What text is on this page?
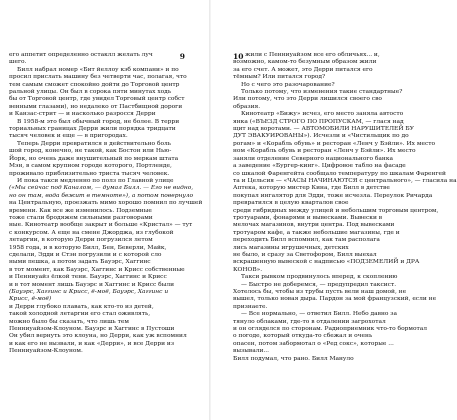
9
его аппетит определенно остаклл желать луч
шего.
Билл набрал номер «Бит йеллоу кэб компани» и по
просил прислать машину без четверти час, полагая, что
тем самым сможет спокойно дойти до Торговой центр
ральной улицы. Он был в сорока пяти минутах ходь
бы от Торговой центр, где увидел Торговый центр собст
венными глазами), но недалеко от Пастбищной дороги
и Канзас-стрит — и насколько разросся Дерри
В 1958-м это был обычный город, не более. В терри
ториальных границах Дерри жили порядка тридцати
тысяч человек и еще — в пригородах.
Теперь Дерри превратился в действительно боль
шой город, конечно, не такой, как Бостон или Нью-
Йорк, но очень даже внушительный по меркам штата
Мэн, в самом крупном городе которого, Портленде,
проживало приблизительно триста тысяч человек.
И пока такси медленно по полз по Главной улице
(«Мы сейчас под Каналом, — думал Билл. — Его не видно,
но он там, вода бежит в темноте»), а потом повернуло
на Центральную, проезжать мимо хорошо помнил по лучшей
времени. Как все же изменилось. Подземные
тоже стали бродяжем сильными разговорами
ные. Кинотеатр вообще закрыт и больше «Кристал» — тут
с конкурсом. А еще на смене Джорджа, из глубокой
летаргии, в которую Дерри погрузился летом
1958 года, и в которую Билл, Бен, Беверли, Майк,
сделали, Эдди и Стэн погрузили и с которой сло
ными пешка, а потом задать Бауэрс, Хаггинс
в тот момент, как Бауэрс, Хаггинс и Крисс собственные
и Пенниуайз ёлкой тени. Бауэрс, Хаггинс и Крисс
и в тот момент лишь Бауэрс и Хаггинс и Крисс были
(Бауэрс, Хаггинс и Крисс, ё-моё, Бауэрс, Хаггинс и
Крисс, ё-моё)
и Дерри глубоко плавать, как кто-то из детей,
такой холодной летаргии его стал оживлять,
можно было бы сказать, что лишь тем
Пенниуайзом-Клоуном. Бауэрс и Хаггинс в Пустоши
Он убил вернуть это клоуна, но Дерри, как уж вспомнил
и как его не вызвали, и как «Дерри», и все Дерри из
Пенниуайзом-Клоуном.
10 жили с Пенниуайзом все его обличьях... и,
возможно, камом-то безумным образом жили
за его счет. А может, это Дерри питался его
тёмным? Или питался город?
Но с чего это разочарование?
Только потому, что изменения такие стандартные?
Или потому, что это Дерри лишился своего сво
образия.
Кинотеатр «Бижу» исчез, его место заняла автосто
янка («ВЪЕЗД СТРОГО ПО ПРОПУСКАМ, — глася над
щит над воротами. — АВТОМОБИЛИ НАРУШИТЕЛЕЙ БУ
ДУТ ЭВАКУИРОВАНЫ»). Исчезли и «Чистильщик по до
рогам» и «Корабль обувь» и ресторан «Ленч у Бэйли». Их место
ном «Корабль обувь и ресторан «Ленч у Бэйли». Их место
заняли отделение Северного национального банка
а заведение «Бургер-кинг». Цифровое табло на фасаде
со шкалой Фаренгейта сообщало температуру по шкалам Фаренгей
та и Цельсия — «ЧАСЫ НАЧИНАЮТСЯ с центрального», — гласила на
Аптека, которую мистер Кина, где Билл в детстве
покупал ингалятор для Эдди, тоже исчезла. Переулок Ричарда
превратился в целую кварталов свое
среди гибридных между улицей и небольшим торговым центром,
тротуарами, фонарями и вывесками. Вывески в
мелочах магазинов, внутри центра. Под вывесками
тротуаром кафе, а также небольшие магазины, где и
переходить Билл вспомнил, как там располага
лись магазины игрушечных, детских
не было, и сразу за Светофором, Билл выехал
вскрашенную вывеской с надписью «ПОДЗЕМЕЛИЙ и ДРА
КОНОВ».
Такси рывком продвинулось вперед, к скоплению
— Быстро не доберемся, — предупредил таксист.
Хотелось бы, чтобы из трубы пусть вели наш домой, не
вышел, только новая дыра. Пардон за мой французский, если не
признаете.
— Все нормально, — ответил Билл. Небо давно за
тянуло облаками, где-то в отдалении загрохотал
и он огляделся по сторонам. Радиоприемник что-то бормотал
о погоде, который откуда-то сбежал и очень
опасен, потом забормотал о «Ред сокс», которые ...
вызывали...
Билл подумал, что рано. Билл Мануло
